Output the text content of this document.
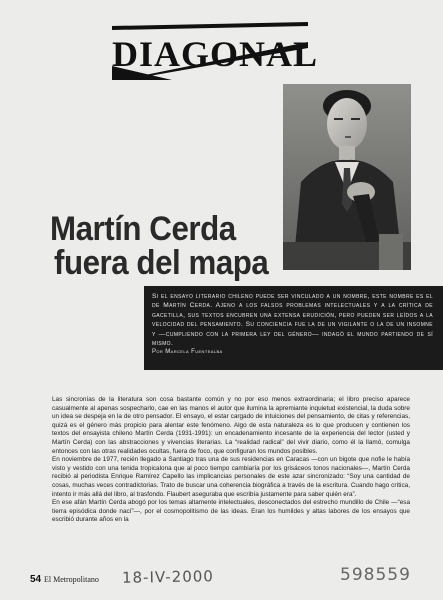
DIAGONAL
Martín Cerda
fuera del mapa

Si el ensayo literario chileno puede ser vinculado a un nombre, este nombre es el de Martín Cerda. Ajeno a los falsos problemas intelectuales y a la crítica de gacetilla, sus textos encubren una extensa erudición, pero pueden ser leídos a la velocidad del pensamiento. Su conciencia fue la de un vigilante o la de un insomne y —cumpliendo con la primera ley del género— indagó el mundo partiendo de sí mismo.

Por Marcela Fuentealba

Las sincronías de la literatura son cosa bastante común y no por eso menos extraordinaria; el libro preciso aparece casualmente al apenas sospecharlo, cae en las manos el autor que ilumina la apremiante inquietud existencial, la duda sobre un idea se despeja en la de otro pensador. El ensayo, el estar cargado de intuiciones del pensamiento, de citas y referencias, quizá es el género más propicio para alentar este fenómeno. Algo de esta naturaleza es lo que producen y contienen los textos del ensayista chileno Martín Cerda (1931-1991): un encadenamiento incesante de la experiencia del lector (usted y Martín Cerda) con las abstracciones y vivencias literarias. La “realidad radical” del vivir diario, como él la llamó, comulga entonces con las otras realidades ocultas, fuera de foco, que configuran los mundos posibles.

En noviembre de 1977, recién llegado a Santiago tras una de sus residencias en Caracas —con un bigote que nofie le había visto y vestido con una tenida tropicalona que al poco tiempo cambiaría por los grisáceos tonos nacionales—, Martín Cerda recibió al periodista Enrique Ramírez Capello las implicancias personales de este azar sincronizado: “Soy una cantidad de cosas, muchas veces contradictorias. Trato de buscar una coherencia biográfica a través de la escritura. Cuando hago crítica, intento ir más allá del libro, al trasfondo. Flaubert aseguraba que escribía justamente para saber quién era”.

En ese afán Martín Cerda abogó por los temas altamente intelectuales, desconectados del estrecho mundillo de Chile —“esa tierra episódica donde nací”—, por el cosmopolitismo de las ideas. Eran los humildes y altas labores de los ensayos que escribió durante años en la

54 El Metropolitano 18-IV-2000	598559
